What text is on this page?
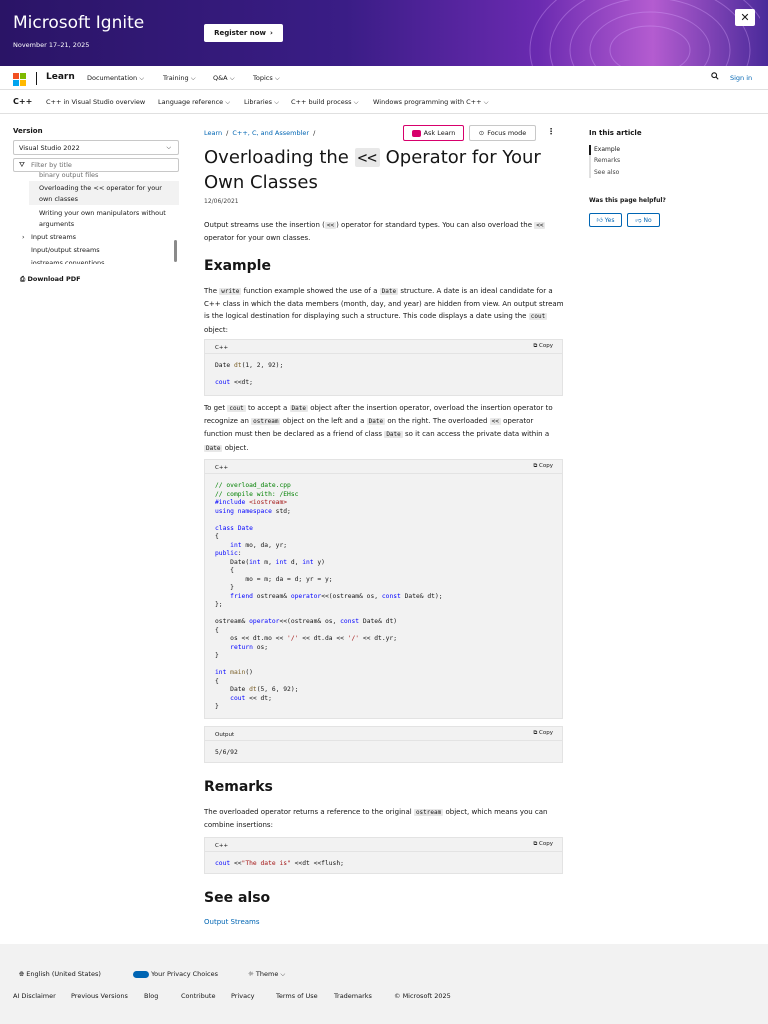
Microsoft Ignite
November 17–21, 2025
Register now ›
✕
Learn Documentation ⌵	Training ⌵	Q&A ⌵	Topics ⌵	Sign in
C++ C++ in Visual Studio overview Language reference ⌵ Libraries ⌵ C++ build process ⌵ Windows programming with C++ ⌵
Version
Visual Studio 2022	⌵
⛛ Filter by title
binary output files
Overloading the << operator for your
own classes
Writing your own manipulators without
arguments
› Input streams
Input/output streams
iostreams conventions
⎙ Download PDF
Learn / C++, C, and Assembler /	Ask Learn	⊙ Focus mode	⋮
Overloading the << Operator for Your Own Classes
12/06/2021

Output streams use the insertion ( << ) operator for standard types. You can also overload the << operator for your own classes.

Example

The write function example showed the use of a Date structure. A date is an ideal candidate for a C++ class in which the data members (month, day, and year) are hidden from view. An output stream is the logical destination for displaying such a structure. This code displays a date using the cout object:

C++	⧉ Copy
Date dt(1, 2, 92);

cout <<dt;

To get cout to accept a Date object after the insertion operator, overload the insertion operator to recognize an ostream object on the left and a Date on the right. The overloaded << operator function must then be declared as a friend of class Date so it can access the private data within a Date object.

C++	⧉ Copy
// overload_date.cpp
// compile with: /EHsc
#include <iostream>
using namespace std;

class Date
{
int mo, da, yr;
public:
Date(int m, int d, int y)
{
mo = m; da = d; yr = y;
}
friend ostream& operator<<(ostream& os, const Date& dt);
};

ostream& operator<<(ostream& os, const Date& dt)
{
os << dt.mo << '/' << dt.da << '/' << dt.yr;
return os;
}

int main()
{
Date dt(5, 6, 92);
cout << dt;
}
Output	⧉ Copy
5/6/92
Remarks

The overloaded operator returns a reference to the original ostream object, which means you can combine insertions:

C++	⧉ Copy
cout <<"The date is" <<dt <<flush;
See also
Output Streams
In this article
Example
Remarks
See also
Was this page helpful?
👍︎ Yes	👎︎ No
🌐︎ English (United States)	Your Privacy Choices	☼ Theme ⌵
AI Disclaimer Previous Versions Blog	Contribute Privacy	Terms of Use	Trademarks	© Microsoft 2025
